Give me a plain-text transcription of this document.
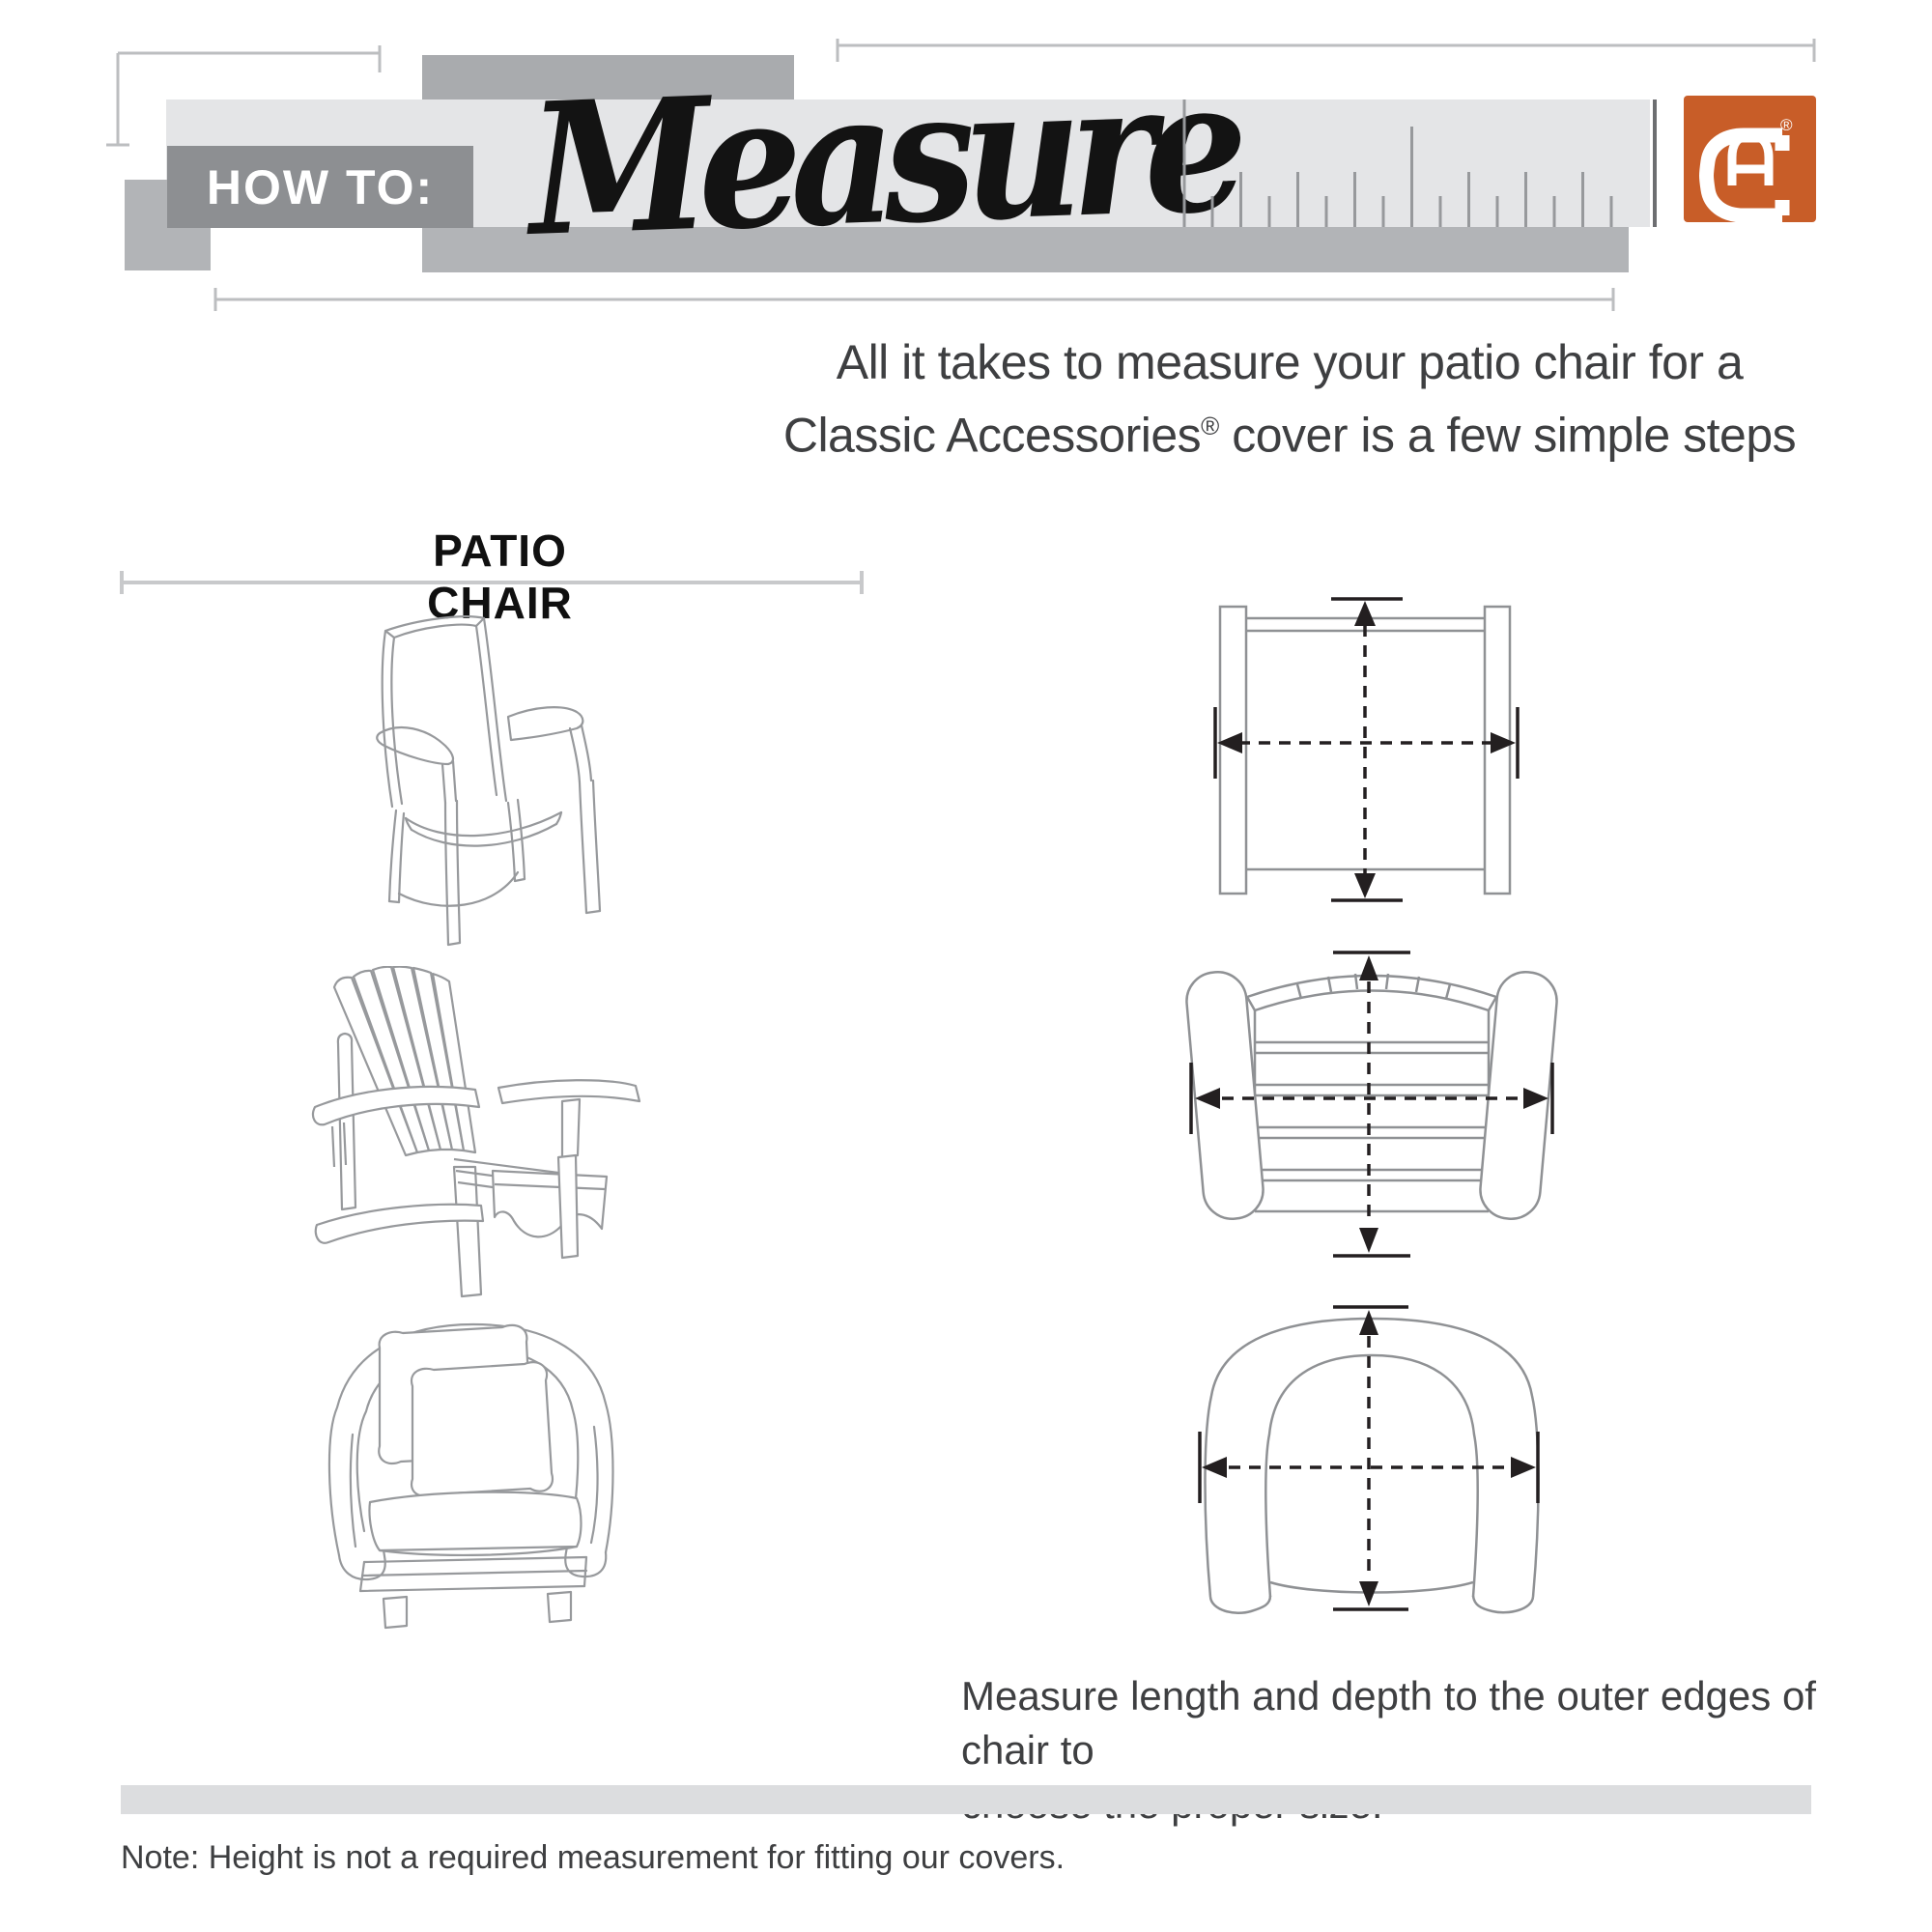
HOW TO: Measure	®
All it takes to measure your patio chair for a
Classic Accessories® cover is a few simple steps
PATIO CHAIR
Measure length and depth to the outer edges of chair to
Note: Height is not a required measurement for fitting our covers.
